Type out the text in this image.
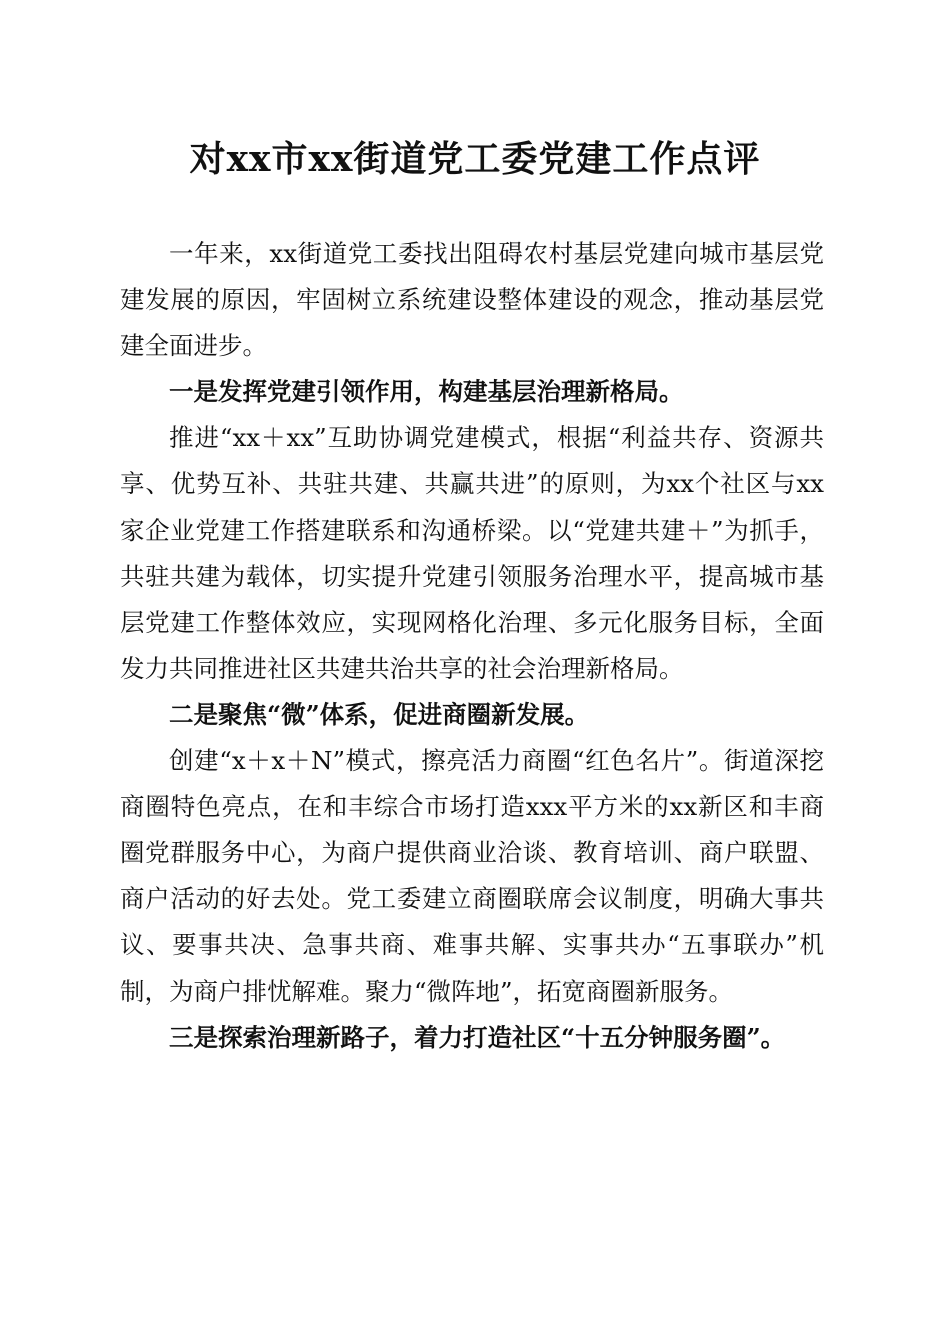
对xx市xx街道党工委党建工作点评

一年来，xx街道党工委找出阻碍农村基层党建向城市基层党建发展的原因，牢固树立系统建设整体建设的观念，推动基层党建全面进步。

一是发挥党建引领作用，构建基层治理新格局。

推进“xx＋xx”互助协调党建模式，根据“利益共存、资源共享、优势互补、共驻共建、共赢共进”的原则，为xx个社区与xx家企业党建工作搭建联系和沟通桥梁。以“党建共建＋”为抓手，共驻共建为载体，切实提升党建引领服务治理水平，提高城市基层党建工作整体效应，实现网格化治理、多元化服务目标，全面发力共同推进社区共建共治共享的社会治理新格局。

二是聚焦“微”体系，促进商圈新发展。

创建“x＋x＋N”模式，擦亮活力商圈“红色名片”。街道深挖商圈特色亮点，在和丰综合市场打造xxx平方米的xx新区和丰商圈党群服务中心，为商户提供商业洽谈、教育培训、商户联盟、商户活动的好去处。党工委建立商圈联席会议制度，明确大事共议、要事共决、急事共商、难事共解、实事共办“五事联办”机制，为商户排忧解难。聚力“微阵地”，拓宽商圈新服务。

三是探索治理新路子，着力打造社区“十五分钟服务圈”。
